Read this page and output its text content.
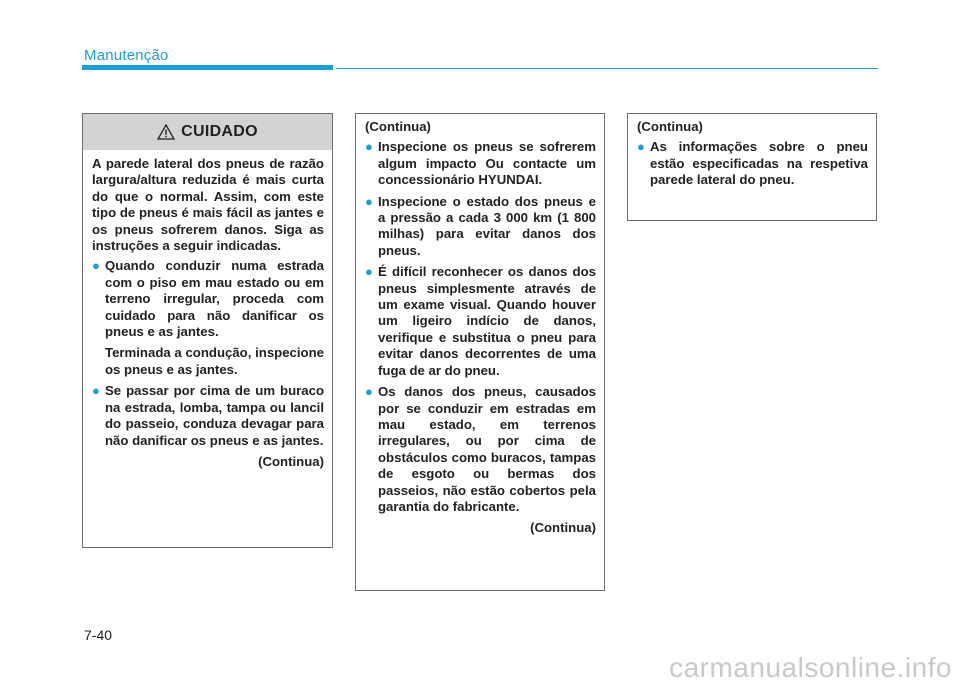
Manutenção
CUIDADO

A parede lateral dos pneus de razão largura/altura reduzida é mais curta do que o normal. Assim, com este tipo de pneus é mais fácil as jantes e os pneus sofrerem danos. Siga as instruções a seguir indicadas.

● Quando conduzir numa estrada com o piso em mau estado ou em terreno irregular, proceda com cuidado para não danificar os pneus e as jantes.

Terminada a condução, inspecione os pneus e as jantes.

● Se passar por cima de um buraco na estrada, lomba, tampa ou lancil do passeio, conduza devagar para não danificar os pneus e as jantes.
(Continua)
(Continua)
● Inspecione os pneus se sofrerem algum impacto Ou contacte um concessionário HYUNDAI.
● Inspecione o estado dos pneus e a pressão a cada 3 000 km (1 800 milhas) para evitar danos dos pneus.
● É difícil reconhecer os danos dos pneus simplesmente através de um exame visual. Quando houver um ligeiro indício de danos, verifique e substitua o pneu para evitar danos decorrentes de uma fuga de ar do pneu.
● Os danos dos pneus, causados por se conduzir em estradas em mau estado, em terrenos irregulares, ou por cima de obstáculos como buracos, tampas de esgoto ou bermas dos passeios, não estão cobertos pela garantia do fabricante.
(Continua)
(Continua)
● As informações sobre o pneu estão especificadas na respetiva parede lateral do pneu.
7-40
carmanualsonline.info
